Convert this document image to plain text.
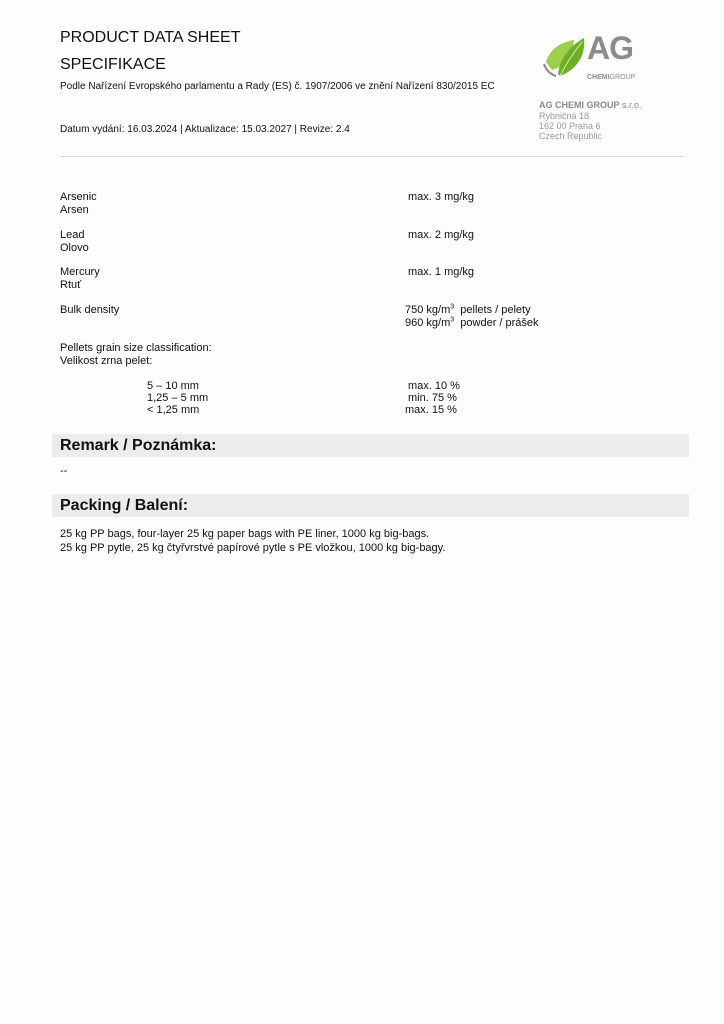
PRODUCT DATA SHEET
SPECIFIKACE
Podle Nařízení Evropského parlamentu a Rady (ES) č. 1907/2006 ve znění Nařízení 830/2015 EC
Datum vydání: 16.03.2024 | Aktualizace: 15.03.2027 | Revize: 2.4
AG
CHEMIGROUP
AG CHEMI GROUP s.r.o.
Rybničná 18
162 00 Praha 6
Czech Republic
Arsenic
Arsen
max. 3 mg/kg
Lead
Olovo
max. 2 mg/kg
Mercury
Rtuť
max. 1 mg/kg
Bulk density	750 $kg/m^3$ pellets / pelety
960 $kg/m^3$ powder / prášek
Pellets grain size classification:
Velikost zrna pelet:
5 – 10 mm	max. 10 %
1,25 – 5 mm	min. 75 %
< 1,25 mm	max. 15 %
Remark / Poznámka:
--
Packing / Balení:
25 kg PP bags, four-layer 25 kg paper bags with PE liner, 1000 kg big-bags.
25 kg PP pytle, 25 kg čtyřvrstvé papírové pytle s PE vložkou, 1000 kg big-bagy.
